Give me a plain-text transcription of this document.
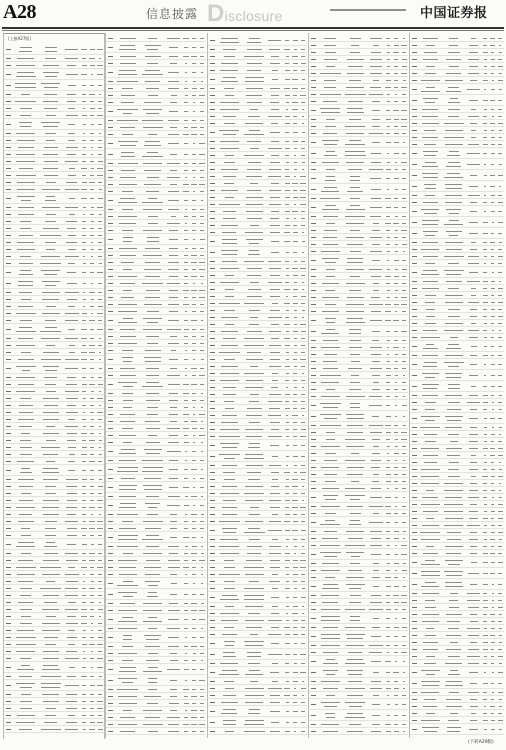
A28	信息披露 Disclosure	中国证券报
(上接A27版)
(下转A29版)
